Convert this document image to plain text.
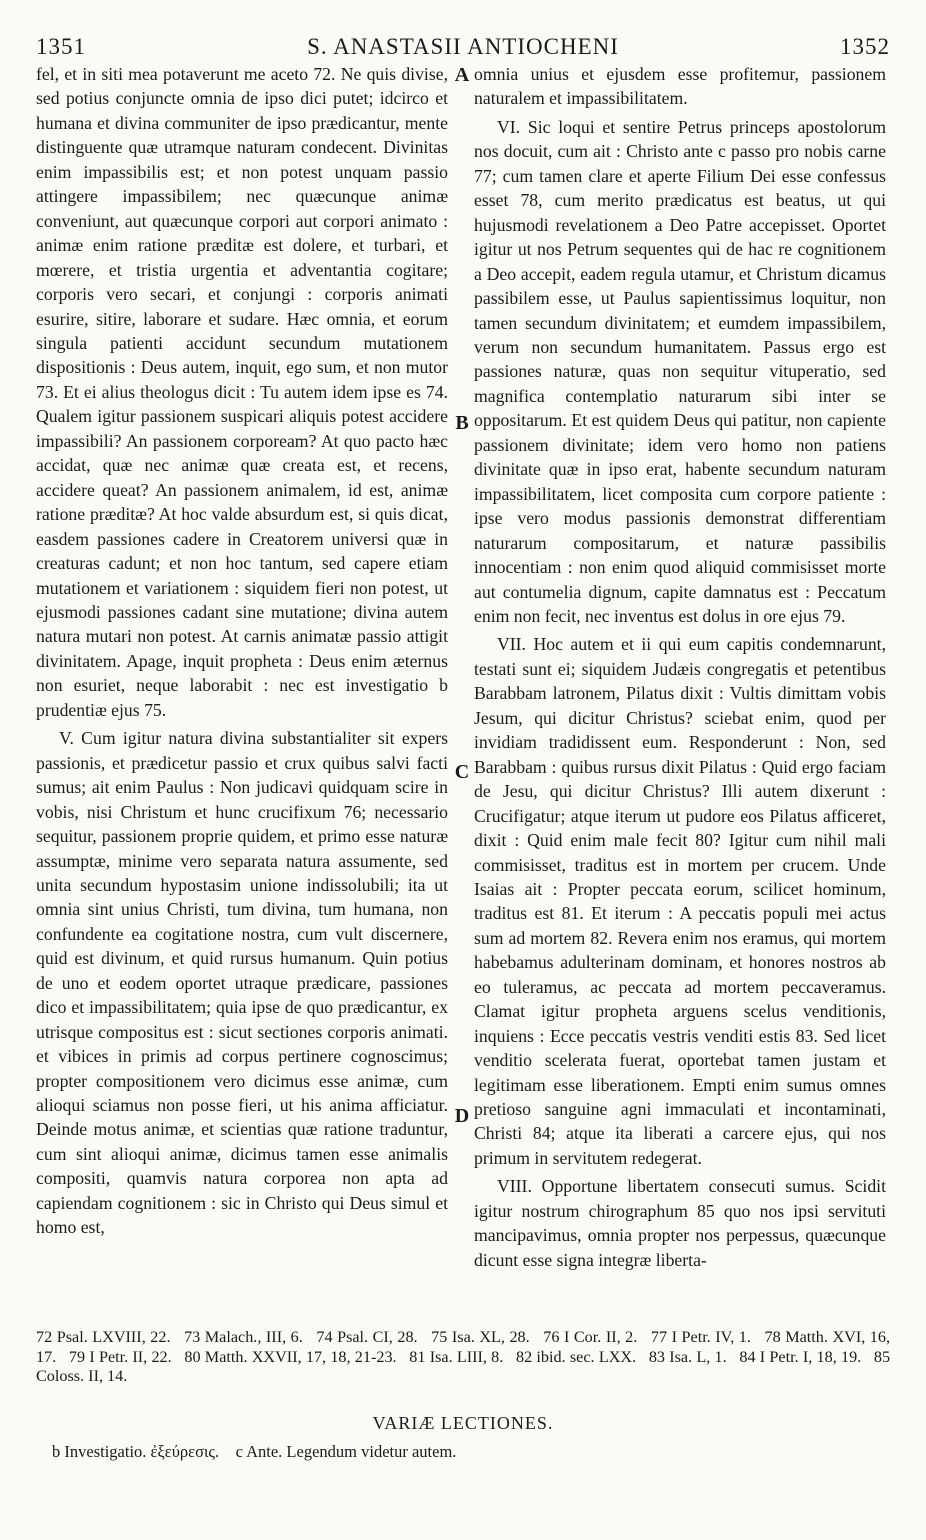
1351	S. ANASTASII ANTIOCHENI	1352

fel, et in siti mea potaverunt me aceto 72. Ne quis divise, sed potius conjuncte omnia de ipso dici putet; idcirco et humana et divina communiter de ipso prædicantur, mente distinguente quæ utramque naturam condecent. Divinitas enim impassibilis est; et non potest unquam passio attingere impassibilem; nec quæcunque animæ conveniunt, aut quæcunque corpori aut corpori animato : animæ enim ratione præditæ est dolere, et turbari, et mœrere, et tristia urgentia et adventantia cogitare; corporis vero secari, et conjungi : corporis animati esurire, sitire, laborare et sudare. Hæc omnia, et eorum singula patienti accidunt secundum mutationem dispositionis : Deus autem, inquit, ego sum, et non mutor 73. Et ei alius theologus dicit : Tu autem idem ipse es 74. Qualem igitur passionem suspicari aliquis potest accidere impassibili? An passionem corpoream? At quo pacto hæc accidat, quæ nec animæ quæ creata est, et recens, accidere queat? An passionem animalem, id est, animæ ratione præditæ? At hoc valde absurdum est, si quis dicat, easdem passiones cadere in Creatorem universi quæ in creaturas cadunt; et non hoc tantum, sed capere etiam mutationem et variationem : siquidem fieri non potest, ut ejusmodi passiones cadant sine mutatione; divina autem natura mutari non potest. At carnis animatæ passio attigit divinitatem. Apage, inquit propheta : Deus enim æternus non esuriet, neque laborabit : nec est investigatio b prudentiæ ejus 75.

V. Cum igitur natura divina substantialiter sit expers passionis, et prædicetur passio et crux quibus salvi facti sumus; ait enim Paulus : Non judicavi quidquam scire in vobis, nisi Christum et hunc crucifixum 76; necessario sequitur, passionem proprie quidem, et primo esse naturæ assumptæ, minime vero separata natura assumente, sed unita secundum hypostasim unione indissolubili; ita ut omnia sint unius Christi, tum divina, tum humana, non confundente ea cogitatione nostra, cum vult discernere, quid est divinum, et quid rursus humanum. Quin potius de uno et eodem oportet utraque prædicare, passiones dico et impassibilitatem; quia ipse de quo prædicantur, ex utrisque compositus est : sicut sectiones corporis animati. et vibices in primis ad corpus pertinere cognoscimus; propter compositionem vero dicimus esse animæ, cum alioqui sciamus non posse fieri, ut his anima afficiatur. Deinde motus animæ, et scientias quæ ratione traduntur, cum sint alioqui animæ, dicimus tamen esse animalis compositi, quamvis natura corporea non apta ad capiendam cognitionem : sic in Christo qui Deus simul et homo est,

A
B
C
D

omnia unius et ejusdem esse profitemur, passionem naturalem et impassibilitatem.

VI. Sic loqui et sentire Petrus princeps apostolorum nos docuit, cum ait : Christo ante c passo pro nobis carne 77; cum tamen clare et aperte Filium Dei esse confessus esset 78, cum merito prædicatus est beatus, ut qui hujusmodi revelationem a Deo Patre accepisset. Oportet igitur ut nos Petrum sequentes qui de hac re cognitionem a Deo accepit, eadem regula utamur, et Christum dicamus passibilem esse, ut Paulus sapientissimus loquitur, non tamen secundum divinitatem; et eumdem impassibilem, verum non secundum humanitatem. Passus ergo est passiones naturæ, quas non sequitur vituperatio, sed magnifica contemplatio naturarum sibi inter se oppositarum. Et est quidem Deus qui patitur, non capiente passionem divinitate; idem vero homo non patiens divinitate quæ in ipso erat, habente secundum naturam impassibilitatem, licet composita cum corpore patiente : ipse vero modus passionis demonstrat differentiam naturarum compositarum, et naturæ passibilis innocentiam : non enim quod aliquid commisisset morte aut contumelia dignum, capite damnatus est : Peccatum enim non fecit, nec inventus est dolus in ore ejus 79.

VII. Hoc autem et ii qui eum capitis condemnarunt, testati sunt ei; siquidem Judæis congregatis et petentibus Barabbam latronem, Pilatus dixit : Vultis dimittam vobis Jesum, qui dicitur Christus? sciebat enim, quod per invidiam tradidissent eum. Responderunt : Non, sed Barabbam : quibus rursus dixit Pilatus : Quid ergo faciam de Jesu, qui dicitur Christus? Illi autem dixerunt : Crucifigatur; atque iterum ut pudore eos Pilatus afficeret, dixit : Quid enim male fecit 80? Igitur cum nihil mali commisisset, traditus est in mortem per crucem. Unde Isaias ait : Propter peccata eorum, scilicet hominum, traditus est 81. Et iterum : A peccatis populi mei actus sum ad mortem 82. Revera enim nos eramus, qui mortem habebamus adulterinam dominam, et honores nostros ab eo tuleramus, ac peccata ad mortem peccaveramus. Clamat igitur propheta arguens scelus venditionis, inquiens : Ecce peccatis vestris venditi estis 83. Sed licet venditio scelerata fuerat, oportebat tamen justam et legitimam esse liberationem. Empti enim sumus omnes pretioso sanguine agni immaculati et incontaminati, Christi 84; atque ita liberati a carcere ejus, qui nos primum in servitutem redegerat.

VIII. Opportune libertatem consecuti sumus. Scidit igitur nostrum chirographum 85 quo nos ipsi servituti mancipavimus, omnia propter nos perpessus, quæcunque dicunt esse signa integræ liberta-

72 Psal. LXVIII, 22. 73 Malach., III, 6. 74 Psal. CI, 28. 75 Isa. XL, 28. 76 I Cor. II, 2. 77 I Petr. IV, 1. 78 Matth. XVI, 16, 17. 79 I Petr. II, 22. 80 Matth. XXVII, 17, 18, 21-23. 81 Isa. LIII, 8. 82 ibid. sec. LXX. 83 Isa. L, 1. 84 I Petr. I, 18, 19. 85 Coloss. II, 14.

VARIÆ LECTIONES.
b Investigatio. ἐξεύρεσις. c Ante. Legendum videtur autem.
